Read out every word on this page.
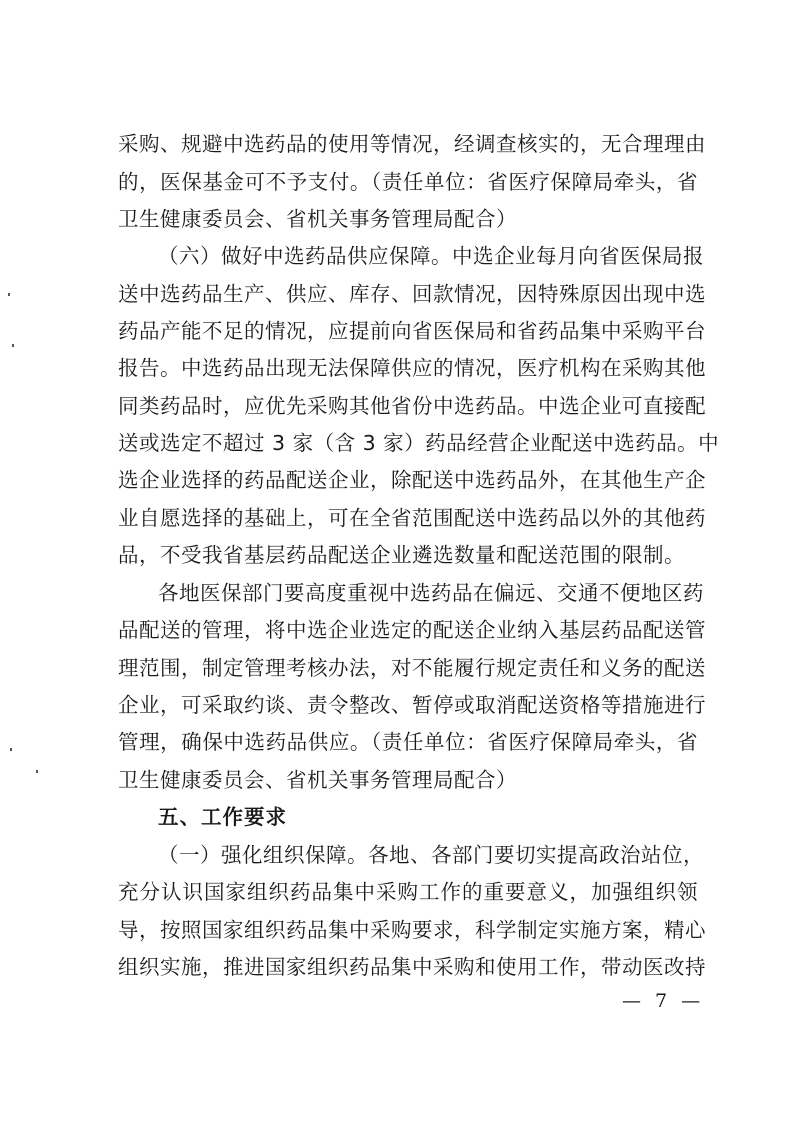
采购、规避中选药品的使用等情况，经调查核实的，无合理理由
的，医保基金可不予支付。（责任单位：省医疗保障局牵头，省
卫生健康委员会、省机关事务管理局配合）
（六）做好中选药品供应保障。中选企业每月向省医保局报
送中选药品生产、供应、库存、回款情况，因特殊原因出现中选
药品产能不足的情况，应提前向省医保局和省药品集中采购平台
报告。中选药品出现无法保障供应的情况，医疗机构在采购其他
同类药品时，应优先采购其他省份中选药品。中选企业可直接配
送或选定不超过 3 家（含 3 家）药品经营企业配送中选药品。中
选企业选择的药品配送企业，除配送中选药品外，在其他生产企
业自愿选择的基础上，可在全省范围配送中选药品以外的其他药
品，不受我省基层药品配送企业遴选数量和配送范围的限制。
各地医保部门要高度重视中选药品在偏远、交通不便地区药
品配送的管理，将中选企业选定的配送企业纳入基层药品配送管
理范围，制定管理考核办法，对不能履行规定责任和义务的配送
企业，可采取约谈、责令整改、暂停或取消配送资格等措施进行
管理，确保中选药品供应。（责任单位：省医疗保障局牵头，省
卫生健康委员会、省机关事务管理局配合）
五、工作要求
（一）强化组织保障。各地、各部门要切实提高政治站位，
充分认识国家组织药品集中采购工作的重要意义，加强组织领
导，按照国家组织药品集中采购要求，科学制定实施方案，精心
组织实施，推进国家组织药品集中采购和使用工作，带动医改持
— 7 —
